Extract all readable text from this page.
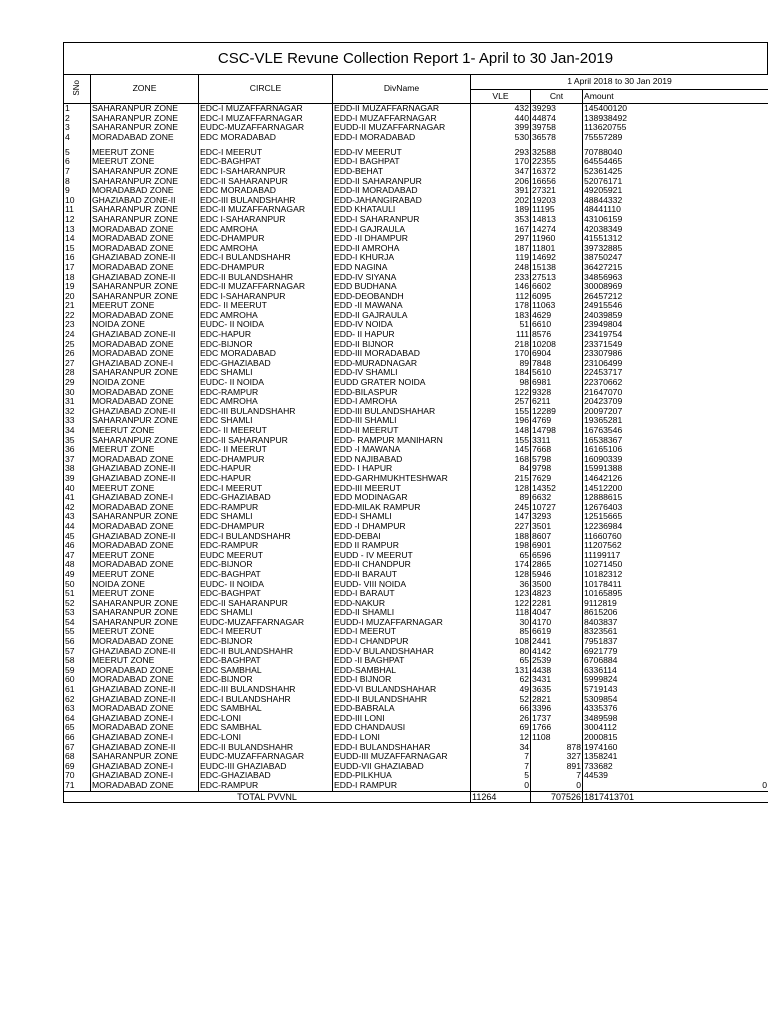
CSC-VLE Revune Collection Report 1- April to 30 Jan-2019
SNo	ZONE	CIRCLE	DivName	1 April 2018 to 30 Jan 2019		
				VLE	Cnt	Amount
1	SAHARANPUR ZONE	EDC-I MUZAFFARNAGAR	EDD-II MUZAFFARNAGAR	432	39293	145400120
2	SAHARANPUR ZONE	EDC-I MUZAFFARNAGAR	EDD-I MUZAFFARNAGAR	440	44874	138938492
3	SAHARANPUR ZONE	EUDC-MUZAFFARNAGAR	EUDD-II MUZAFFARNAGAR	399	39758	113620755
4	MORADABAD ZONE	EDC MORADABAD	EDD-I MORADABAD	530	36578	75557289
5	MEERUT ZONE	EDC-I MEERUT	EDD-IV MEERUT	293	32588	70788040
6	MEERUT ZONE	EDC-BAGHPAT	EDD-I BAGHPAT	170	22355	64554465
7	SAHARANPUR ZONE	EDC I-SAHARANPUR	EDD-BEHAT	347	16372	52361425
8	SAHARANPUR ZONE	EDC-II SAHARANPUR	EDD-II SAHARANPUR	206	16656	52076171
9	MORADABAD ZONE	EDC MORADABAD	EDD-II MORADABAD	391	27321	49205921
10	GHAZIABAD ZONE-II	EDC-III BULANDSHAHR	EDD-JAHANGIRABAD	202	19203	48844332
11	SAHARANPUR ZONE	EDC-II MUZAFFARNAGAR	EDD KHATAULI	189	11195	48441110
12	SAHARANPUR ZONE	EDC I-SAHARANPUR	EDD-I SAHARANPUR	353	14813	43106159
13	MORADABAD ZONE	EDC AMROHA	EDD-I GAJRAULA	167	14274	42038349
14	MORADABAD ZONE	EDC-DHAMPUR	EDD -II DHAMPUR	297	11960	41551312
15	MORADABAD ZONE	EDC AMROHA	EDD-II AMROHA	187	11801	39732885
16	GHAZIABAD ZONE-II	EDC-I BULANDSHAHR	EDD-I KHURJA	119	14692	38750247
17	MORADABAD ZONE	EDC-DHAMPUR	EDD NAGINA	248	15138	36427215
18	GHAZIABAD ZONE-II	EDC-II BULANDSHAHR	EDD-IV SIYANA	233	27513	34856963
19	SAHARANPUR ZONE	EDC-II MUZAFFARNAGAR	EDD BUDHANA	146	6602	30008969
20	SAHARANPUR ZONE	EDC I-SAHARANPUR	EDD-DEOBANDH	112	6095	26457212
21	MEERUT ZONE	EDC- II MEERUT	EDD -II MAWANA	178	11063	24915546
22	MORADABAD ZONE	EDC AMROHA	EDD-II GAJRAULA	183	4629	24039859
23	NOIDA ZONE	EUDC- II NOIDA	EDD-IV NOIDA	51	6610	23949804
24	GHAZIABAD ZONE-II	EDC-HAPUR	EDD- II HAPUR	111	8576	23419754
25	MORADABAD ZONE	EDC-BIJNOR	EDD-II BIJNOR	218	10208	23371549
26	MORADABAD ZONE	EDC MORADABAD	EDD-III MORADABAD	170	6904	23307986
27	GHAZIABAD ZONE-I	EDC-GHAZIABAD	EDD-MURADNAGAR	89	7848	23106499
28	SAHARANPUR ZONE	EDC SHAMLI	EDD-IV SHAMLI	184	5610	22453717
29	NOIDA ZONE	EUDC- II NOIDA	EUDD GRATER NOIDA	98	6981	22370662
30	MORADABAD ZONE	EDC-RAMPUR	EDD-BILASPUR	122	9328	21647070
31	MORADABAD ZONE	EDC AMROHA	EDD-I AMROHA	257	6211	20423709
32	GHAZIABAD ZONE-II	EDC-III BULANDSHAHR	EDD-III BULANDSHAHAR	155	12289	20097207
33	SAHARANPUR ZONE	EDC SHAMLI	EDD-III SHAMLI	196	4769	19365281
34	MEERUT ZONE	EDC- II MEERUT	EDD-II MEERUT	148	14798	16763546
35	SAHARANPUR ZONE	EDC-II SAHARANPUR	EDD- RAMPUR MANIHARN	155	3311	16538367
36	MEERUT ZONE	EDC- II MEERUT	EDD -I MAWANA	145	7668	16165106
37	MORADABAD ZONE	EDC-DHAMPUR	EDD NAJIBABAD	168	5798	16090339
38	GHAZIABAD ZONE-II	EDC-HAPUR	EDD- I HAPUR	84	9798	15991388
39	GHAZIABAD ZONE-II	EDC-HAPUR	EDD-GARHMUKHTESHWAR	215	7629	14642126
40	MEERUT ZONE	EDC-I MEERUT	EDD-III MEERUT	128	14352	14512200
41	GHAZIABAD ZONE-I	EDC-GHAZIABAD	EDD MODINAGAR	89	6632	12888615
42	MORADABAD ZONE	EDC-RAMPUR	EDD-MILAK RAMPUR	245	10727	12676403
43	SAHARANPUR ZONE	EDC SHAMLI	EDD-I SHAMLI	147	3293	12515665
44	MORADABAD ZONE	EDC-DHAMPUR	EDD -I DHAMPUR	227	3501	12236984
45	GHAZIABAD ZONE-II	EDC-I BULANDSHAHR	EDD-DEBAI	188	8607	11660760
46	MORADABAD ZONE	EDC-RAMPUR	EDD II RAMPUR	198	6901	11207562
47	MEERUT ZONE	EUDC MEERUT	EUDD - IV MEERUT	65	6596	11199117
48	MORADABAD ZONE	EDC-BIJNOR	EDD-II CHANDPUR	174	2865	10271450
49	MEERUT ZONE	EDC-BAGHPAT	EDD-II BARAUT	128	5946	10182312
50	NOIDA ZONE	EUDC- II NOIDA	EUDD- VIII NOIDA	36	3500	10178411
51	MEERUT ZONE	EDC-BAGHPAT	EDD-I BARAUT	123	4823	10165895
52	SAHARANPUR ZONE	EDC-II SAHARANPUR	EDD-NAKUR	122	2281	9112819
53	SAHARANPUR ZONE	EDC SHAMLI	EDD-II SHAMLI	118	4047	8615206
54	SAHARANPUR ZONE	EUDC-MUZAFFARNAGAR	EUDD-I MUZAFFARNAGAR	30	4170	8403837
55	MEERUT ZONE	EDC-I MEERUT	EDD-I MEERUT	85	6619	8323561
56	MORADABAD ZONE	EDC-BIJNOR	EDD-I CHANDPUR	108	2441	7951837
57	GHAZIABAD ZONE-II	EDC-II BULANDSHAHR	EDD-V BULANDSHAHAR	80	4142	6921779
58	MEERUT ZONE	EDC-BAGHPAT	EDD -II BAGHPAT	65	2539	6706884
59	MORADABAD ZONE	EDC SAMBHAL	EDD-SAMBHAL	131	4438	6336114
60	MORADABAD ZONE	EDC-BIJNOR	EDD-I BIJNOR	62	3431	5999824
61	GHAZIABAD ZONE-II	EDC-III BULANDSHAHR	EDD-VI BULANDSHAHAR	49	3635	5719143
62	GHAZIABAD ZONE-II	EDC-I BULANDSHAHR	EDD-II BULANDSHAHR	52	2821	5309854
63	MORADABAD ZONE	EDC SAMBHAL	EDD-BABRALA	66	3396	4335376
64	GHAZIABAD ZONE-I	EDC-LONI	EDD-III LONI	26	1737	3489598
65	MORADABAD ZONE	EDC SAMBHAL	EDD CHANDAUSI	69	1766	3004112
66	GHAZIABAD ZONE-I	EDC-LONI	EDD-I LONI	12	1108	2000815
67	GHAZIABAD ZONE-II	EDC-II BULANDSHAHR	EDD-I BULANDSHAHAR	34	878	1974160
68	SAHARANPUR ZONE	EUDC-MUZAFFARNAGAR	EUDD-III MUZAFFARNAGAR	7	327	1358241
69	GHAZIABAD ZONE-I	EUDC-III GHAZIABAD	EUDD-VII GHAZIABAD	7	891	733682
70	GHAZIABAD ZONE-I	EDC-GHAZIABAD	EDD-PILKHUA	5	7	44539
71	MORADABAD ZONE	EDC-RAMPUR	EDD-I RAMPUR	0	0	0
TOTAL PVVNL				11264	707526	1817413701
